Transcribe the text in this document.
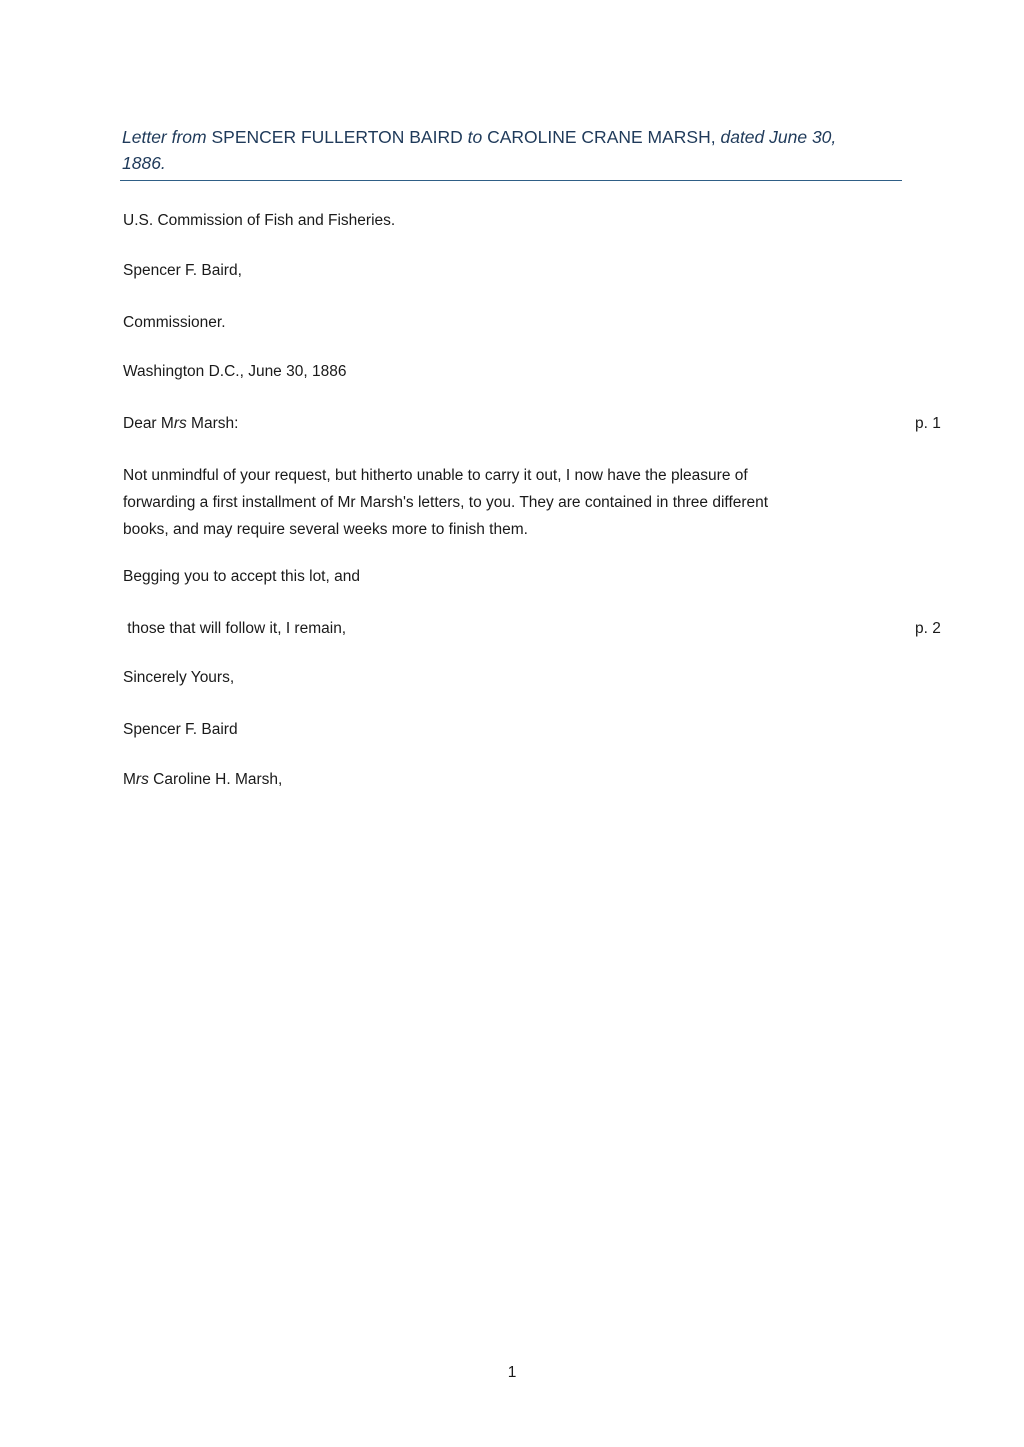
Letter from SPENCER FULLERTON BAIRD to CAROLINE CRANE MARSH, dated June 30,
1886.
U.S. Commission of Fish and Fisheries.
Spencer F. Baird,
Commissioner.
Washington D.C., June 30, 1886
Dear Mrs Marsh:	p. 1
Not unmindful of your request, but hitherto unable to carry it out, I now have the pleasure of
forwarding a first installment of Mr Marsh's letters, to you. They are contained in three different
books, and may require several weeks more to finish them.
Begging you to accept this lot, and
those that will follow it, I remain,	p. 2
Sincerely Yours,
Spencer F. Baird
Mrs Caroline H. Marsh,
1
